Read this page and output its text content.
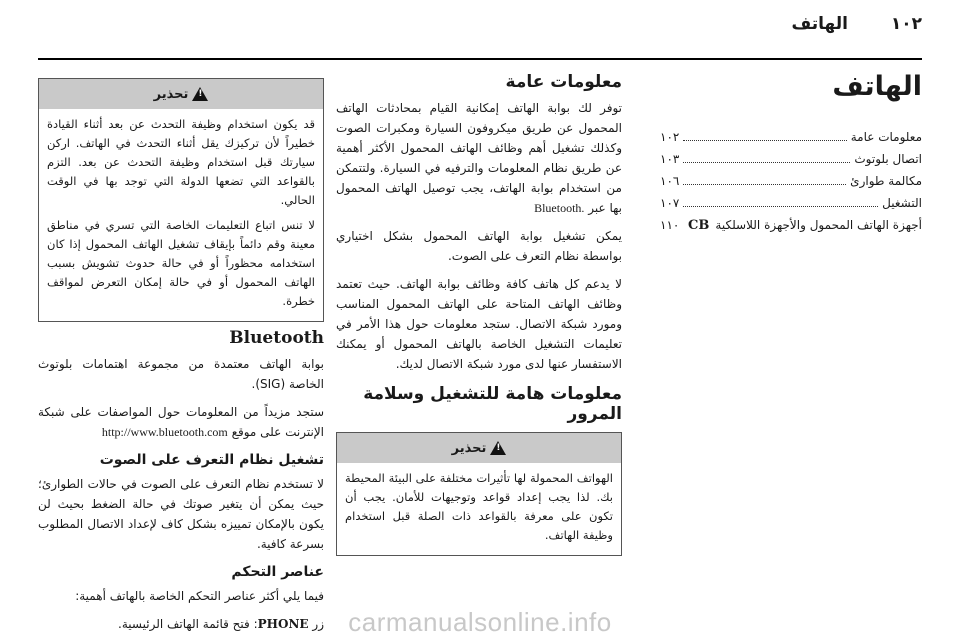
١٠٢
الهاتف
الهاتف
معلومات عامة
١٠٢
اتصال بلوتوث
١٠٣
مكالمة طوارئ
١٠٦
التشغيل
١٠٧
أجهزة الهاتف المحمول والأجهزة اللاسلكية
CB
١١٠
معلومات عامة

توفر لك بوابة الهاتف إمكانية القيام بمحادثات الهاتف المحمول عن طريق ميكروفون السيارة ومكبرات الصوت وكذلك تشغيل أهم وظائف الهاتف المحمول الأكثر أهمية عن طريق نظام المعلومات والترفيه في السيارة. ولتتمكن من استخدام بوابة الهاتف، يجب توصيل الهاتف المحمول بها عبر Bluetooth.

يمكن تشغيل بوابة الهاتف المحمول بشكل اختياري بواسطة نظام التعرف على الصوت.

لا يدعم كل هاتف كافة وظائف بوابة الهاتف. حيث تعتمد وظائف الهاتف المتاحة على الهاتف المحمول المناسب ومورد شبكة الاتصال. ستجد معلومات حول هذا الأمر في تعليمات التشغيل الخاصة بالهاتف المحمول أو يمكنك الاستفسار عنها لدى مورد شبكة الاتصال لديك.

معلومات هامة للتشغيل وسلامة المرور
!
تحذير

الهواتف المحمولة لها تأثيرات مختلفة على البيئة المحيطة بك. لذا يجب إعداد قواعد وتوجيهات للأمان. يجب أن تكون على معرفة بالقواعد ذات الصلة قبل استخدام وظيفة الهاتف.

!
تحذير

قد يكون استخدام وظيفة التحدث عن بعد أثناء القيادة خطيراً لأن تركيزك يقل أثناء التحدث في الهاتف. اركن سيارتك قبل استخدام وظيفة التحدث عن بعد. التزم بالقواعد التي تضعها الدولة التي توجد بها في الوقت الحالي.

لا تنس اتباع التعليمات الخاصة التي تسري في مناطق معينة وقم دائماً بإيقاف تشغيل الهاتف المحمول إذا كان استخدامه محظوراً أو في حالة حدوث تشويش بسبب الهاتف المحمول أو في حالة إمكان التعرض لمواقف خطرة.

Bluetooth

بوابة الهاتف معتمدة من مجموعة اهتمامات بلوتوث الخاصة (SIG).

ستجد مزيداً من المعلومات حول المواصفات على شبكة الإنترنت على موقع http://www.bluetooth.com

تشغيل نظام التعرف على الصوت

لا تستخدم نظام التعرف على الصوت في حالات الطوارئ؛ حيث يمكن أن يتغير صوتك في حالة الضغط بحيث لن يكون بالإمكان تمييزه بشكل كاف لإعداد الاتصال المطلوب بسرعة كافية.

عناصر التحكم

فيما يلي أكثر عناصر التحكم الخاصة بالهاتف أهمية:

زر PHONE: فتح قائمة الهاتف الرئيسية.	carmanualsonline.info
